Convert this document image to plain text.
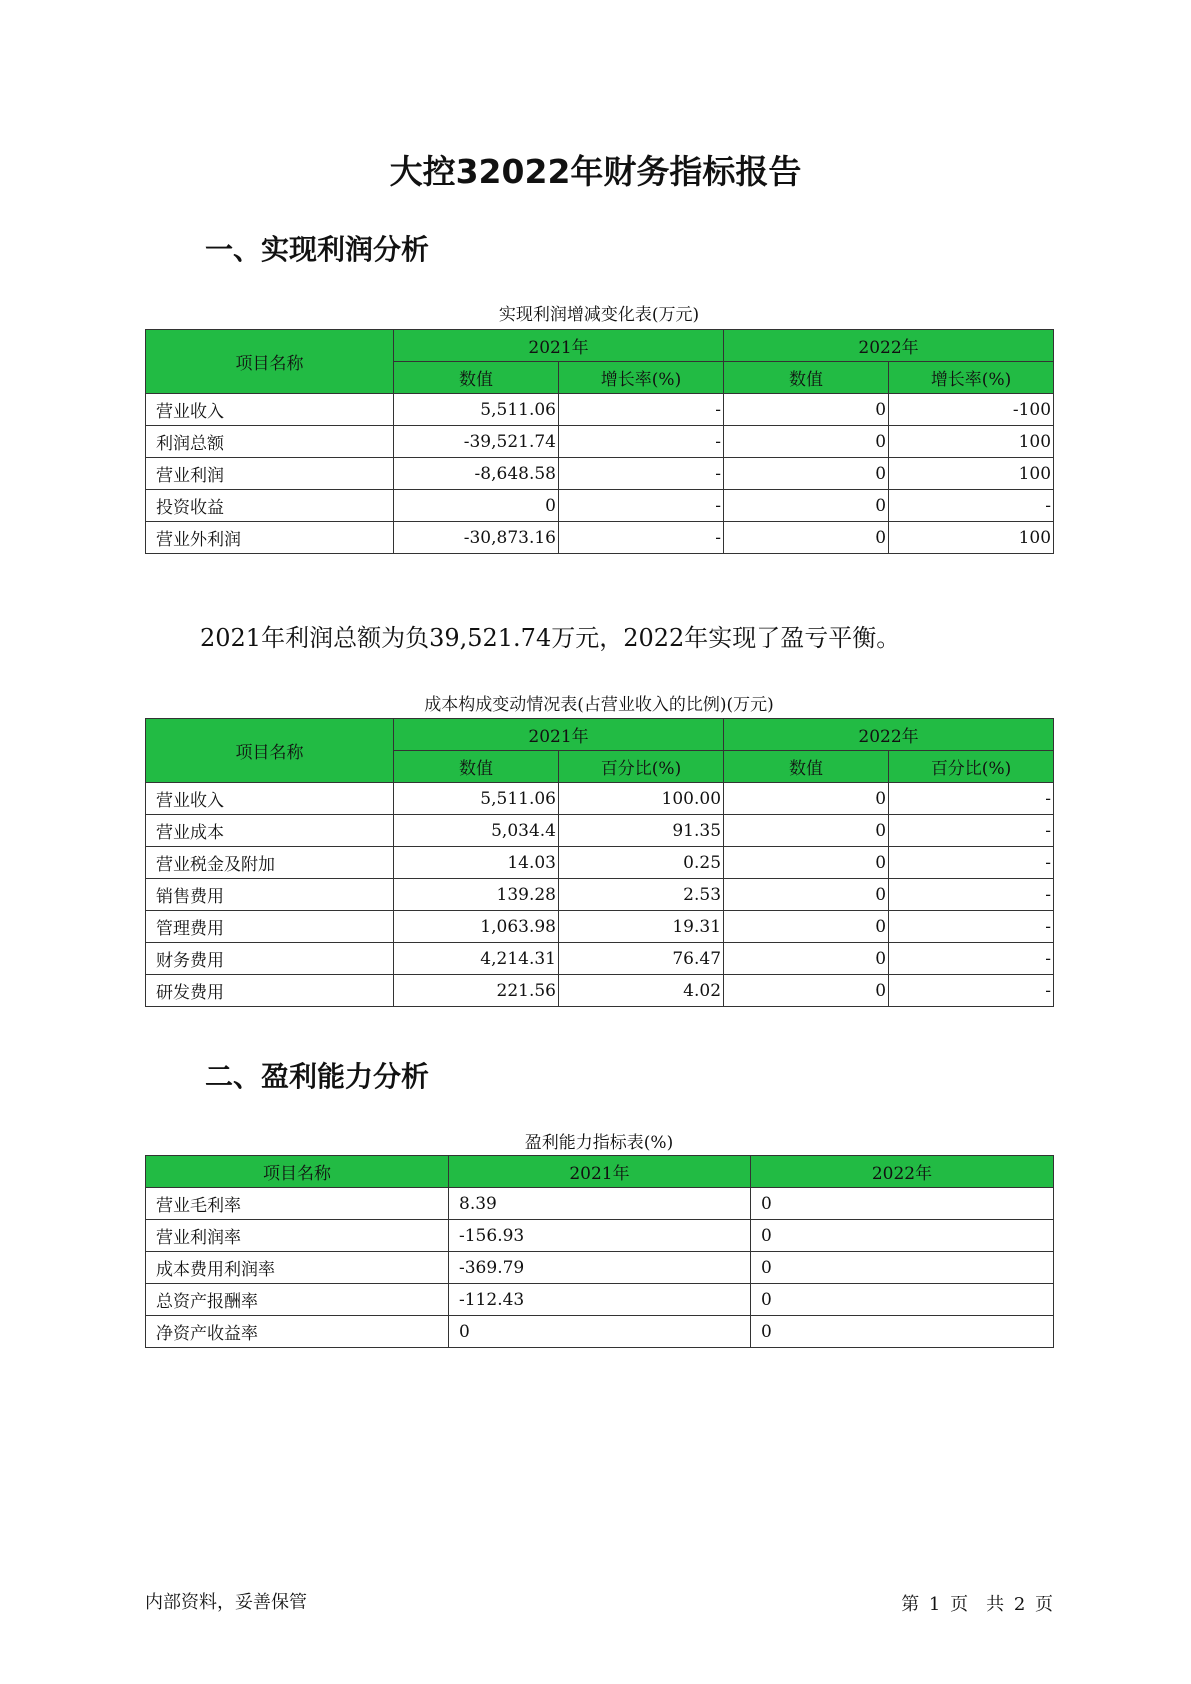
大控32022年财务指标报告
一、实现利润分析
实现利润增减变化表(万元)
项目名称	2021年		2022年	
	数值	增长率(%)	数值	增长率(%)
营业收入	5,511.06	-	0	-100
利润总额	-39,521.74	-	0	100
营业利润	-8,648.58	-	0	100
投资收益	0	-	0	-
营业外利润	-30,873.16	-	0	100
2021年利润总额为负39,521.74万元，2022年实现了盈亏平衡。
成本构成变动情况表(占营业收入的比例)(万元)
项目名称	2021年		2022年	
	数值	百分比(%)	数值	百分比(%)
营业收入	5,511.06	100.00	0	-
营业成本	5,034.4	91.35	0	-
营业税金及附加	14.03	0.25	0	-
销售费用	139.28	2.53	0	-
管理费用	1,063.98	19.31	0	-
财务费用	4,214.31	76.47	0	-
研发费用	221.56	4.02	0	-
二、盈利能力分析
盈利能力指标表(%)
项目名称	2021年	2022年
营业毛利率	8.39	0
营业利润率	-156.93	0
成本费用利润率	-369.79	0
总资产报酬率	-112.43	0
净资产收益率	0	0
内部资料，妥善保管	第 1 页　共 2 页
